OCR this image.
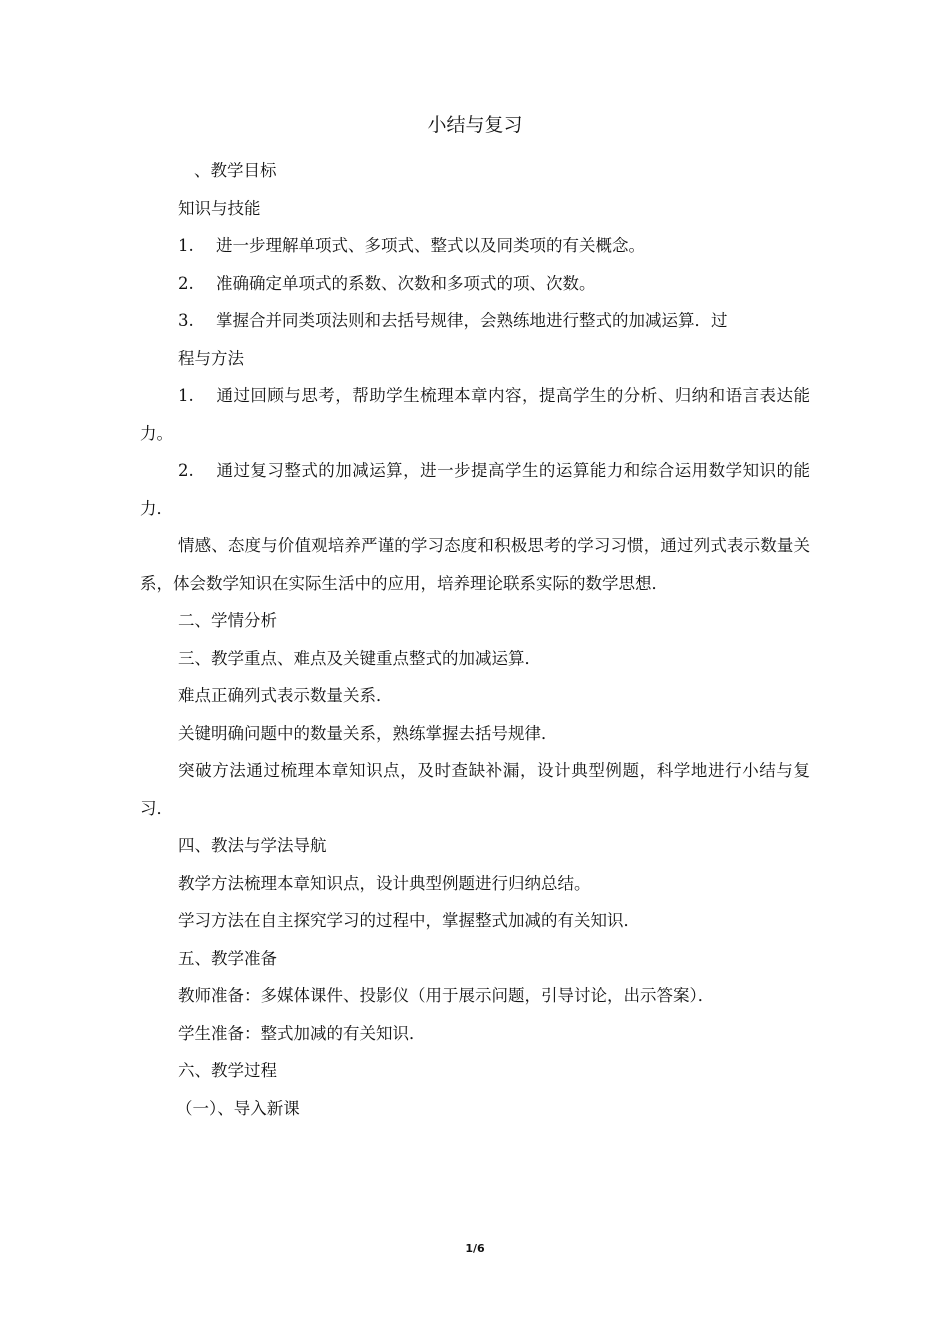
小结与复习

、教学目标

知识与技能

1. 进一步理解单项式、多项式、整式以及同类项的有关概念。

2. 准确确定单项式的系数、次数和多项式的项、次数。

3. 掌握合并同类项法则和去括号规律，会熟练地进行整式的加减运算．过

程与方法

1. 通过回顾与思考，帮助学生梳理本章内容，提高学生的分析、归纳和语言表达能力。

2. 通过复习整式的加减运算，进一步提高学生的运算能力和综合运用数学知识的能力．

情感、态度与价值观培养严谨的学习态度和积极思考的学习习惯，通过列式表示数量关系，体会数学知识在实际生活中的应用，培养理论联系实际的数学思想．

二、学情分析

三、教学重点、难点及关键重点整式的加减运算．

难点正确列式表示数量关系．

关键明确问题中的数量关系，熟练掌握去括号规律．

突破方法通过梳理本章知识点，及时查缺补漏，设计典型例题，科学地进行小结与复习．

四、教法与学法导航

教学方法梳理本章知识点，设计典型例题进行归纳总结。

学习方法在自主探究学习的过程中，掌握整式加减的有关知识．

五、教学准备

教师准备：多媒体课件、投影仪（用于展示问题，引导讨论，出示答案）．

学生准备：整式加减的有关知识．

六、教学过程

（一）、导入新课

1/6
